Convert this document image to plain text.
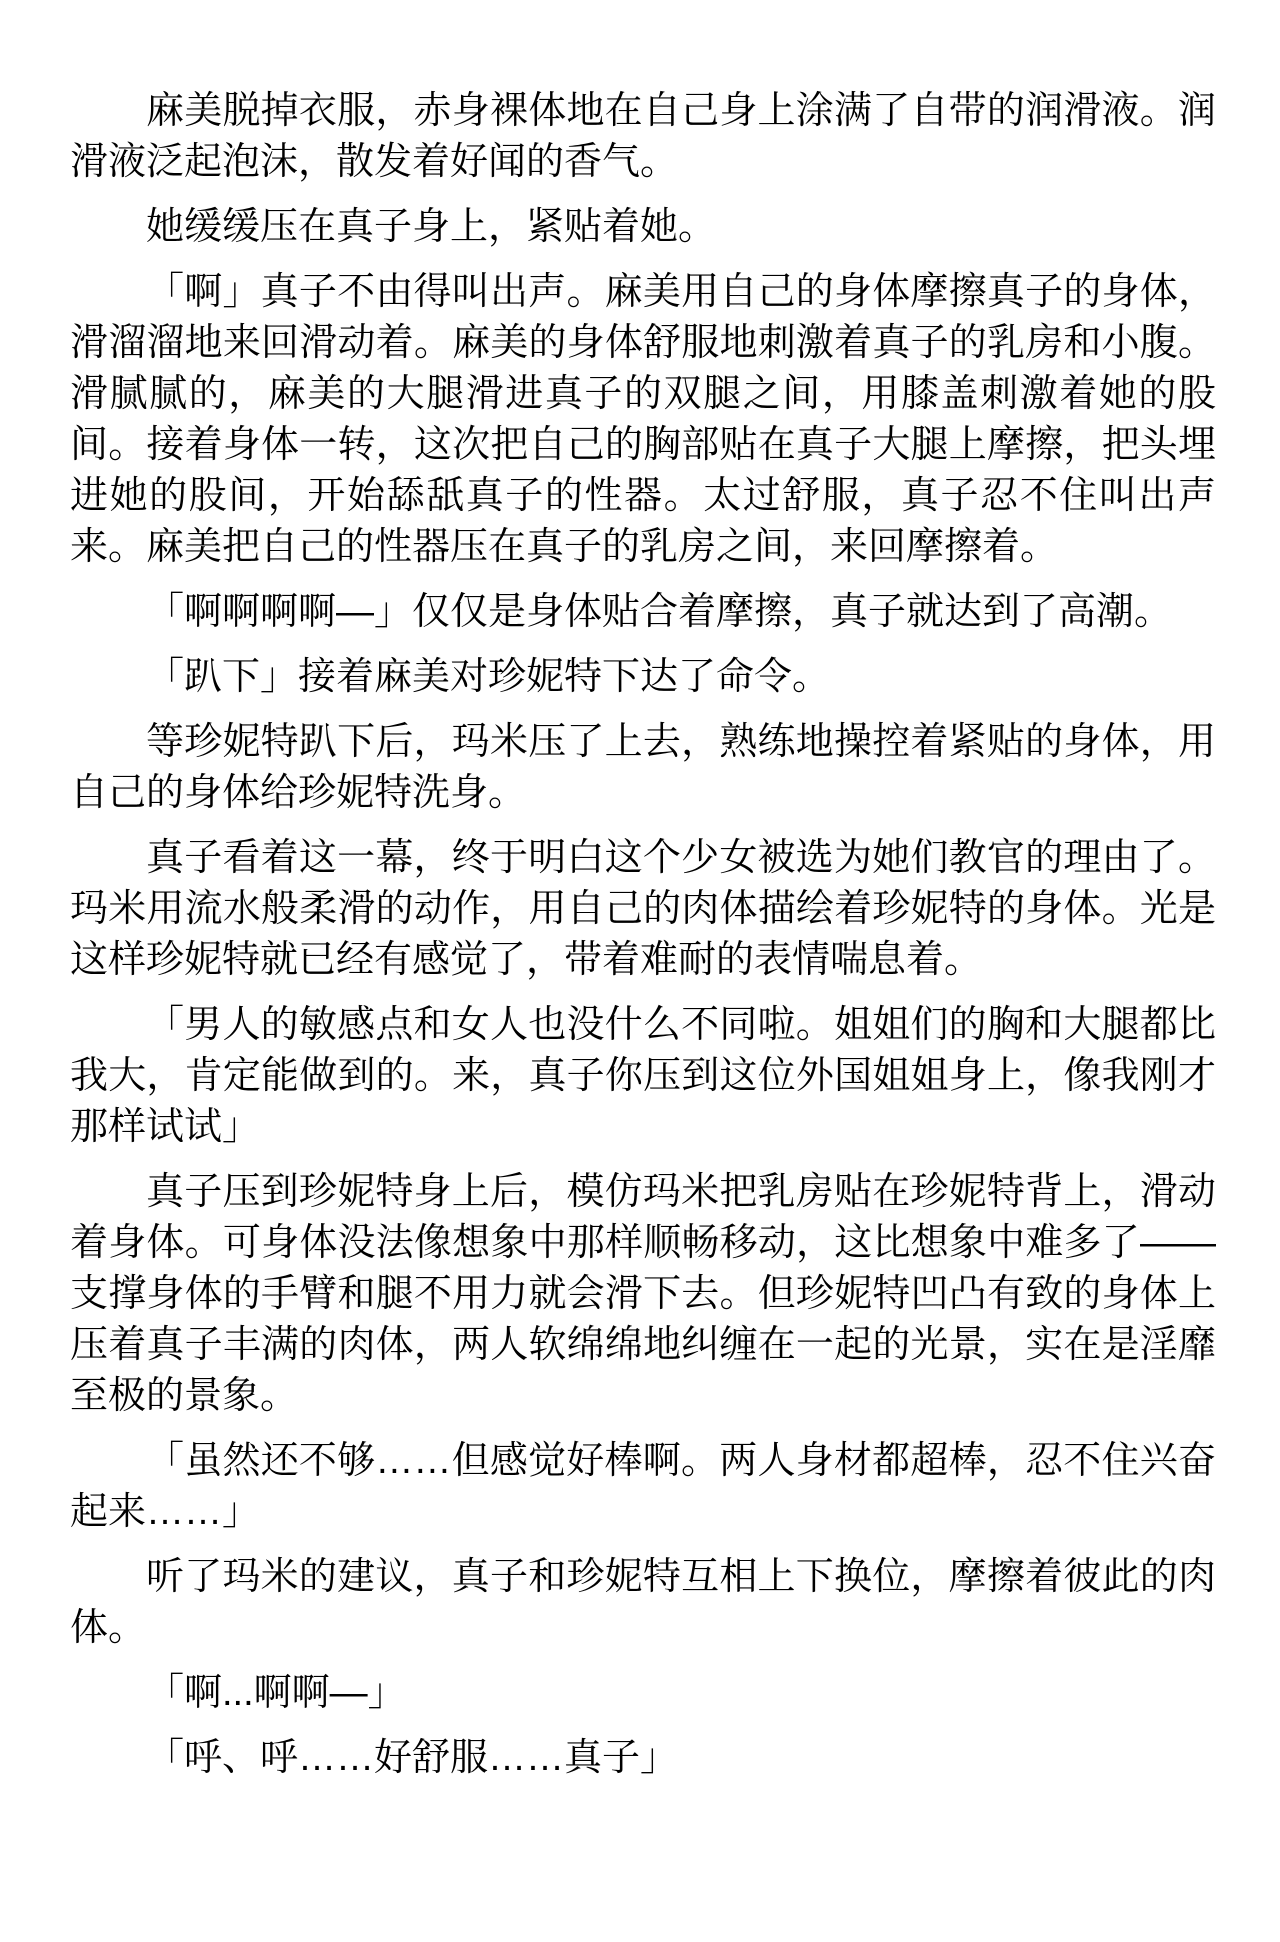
麻美脱掉衣服，赤身裸体地在自己身上涂满了自带的润滑液。润滑液泛起泡沫，散发着好闻的香气。

她缓缓压在真子身上，紧贴着她。

「啊」真子不由得叫出声。麻美用自己的身体摩擦真子的身体，滑溜溜地来回滑动着。麻美的身体舒服地刺激着真子的乳房和小腹。滑腻腻的，麻美的大腿滑进真子的双腿之间，用膝盖刺激着她的股间。接着身体一转，这次把自己的胸部贴在真子大腿上摩擦，把头埋进她的股间，开始舔舐真子的性器。太过舒服，真子忍不住叫出声来。麻美把自己的性器压在真子的乳房之间，来回摩擦着。

「啊啊啊啊—」仅仅是身体贴合着摩擦，真子就达到了高潮。

「趴下」接着麻美对珍妮特下达了命令。

等珍妮特趴下后，玛米压了上去，熟练地操控着紧贴的身体，用自己的身体给珍妮特洗身。

真子看着这一幕，终于明白这个少女被选为她们教官的理由了。玛米用流水般柔滑的动作，用自己的肉体描绘着珍妮特的身体。光是这样珍妮特就已经有感觉了，带着难耐的表情喘息着。

「男人的敏感点和女人也没什么不同啦。姐姐们的胸和大腿都比我大，肯定能做到的。来，真子你压到这位外国姐姐身上，像我刚才那样试试」

真子压到珍妮特身上后，模仿玛米把乳房贴在珍妮特背上，滑动着身体。可身体没法像想象中那样顺畅移动，这比想象中难多了——支撑身体的手臂和腿不用力就会滑下去。但珍妮特凹凸有致的身体上压着真子丰满的肉体，两人软绵绵地纠缠在一起的光景，实在是淫靡至极的景象。

「虽然还不够……但感觉好棒啊。两人身材都超棒，忍不住兴奋起来……」

听了玛米的建议，真子和珍妮特互相上下换位，摩擦着彼此的肉体。

「啊...啊啊—」

「呼、呼……好舒服……真子」
